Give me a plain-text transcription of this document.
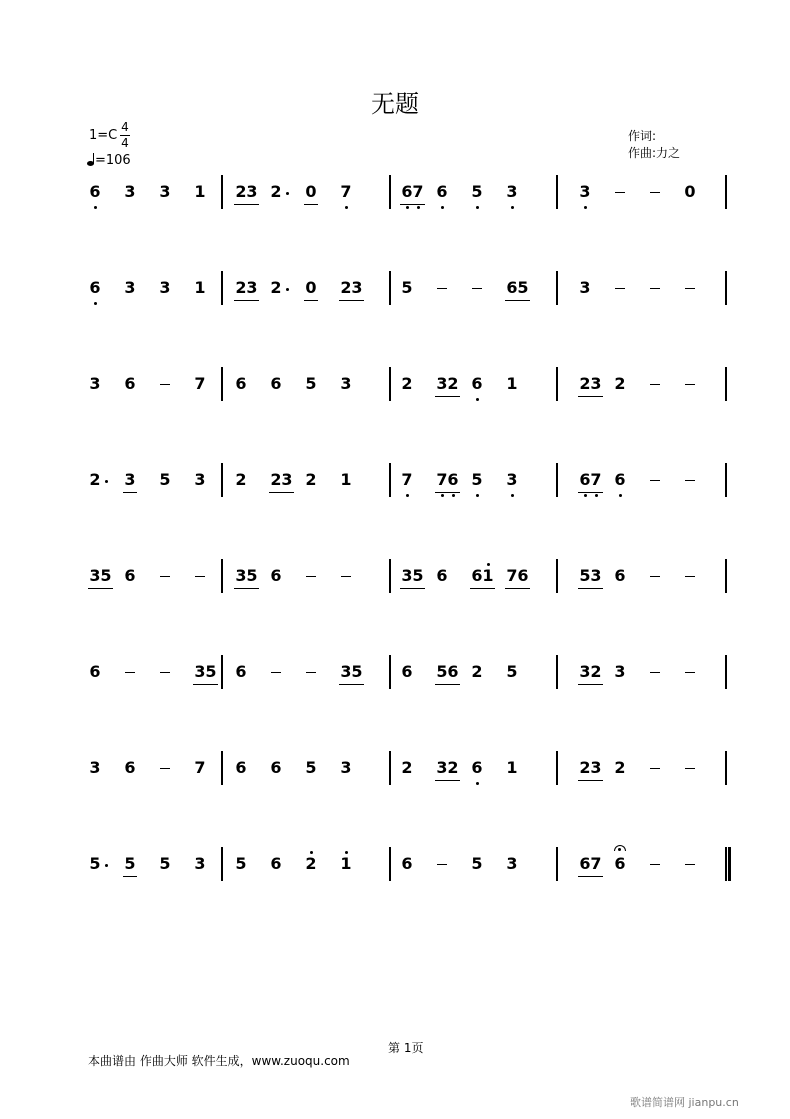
无题
1=C
4
4
=106
作词:
作曲:力之
6 3 3 1 2 3 2 0 7	6 7 6 5 3	3	0
6 3 3 1 2 3 2 0 2 3 5	6 5	3
3 6	7 6 6 5 3	2 3 2 6 1	2 3 2
2 3 5 3 2 2 3 2 1	7 7 6 5 3	6 7 6
3 5 6	3 5 6	3 5 6 6 1 7 6	5 3 6
6	3 5 6	3 5 6 5 6 2 5	3 2 3
3 6	7 6 6 5 3	2 3 2 6 1	2 3 2
5 5 5 3 5 6 2 1	6	5 3	6 7 6
第 1页
本曲谱由 作曲大师 软件生成，www.zuoqu.com
歌谱简谱网 jianpu.cn
